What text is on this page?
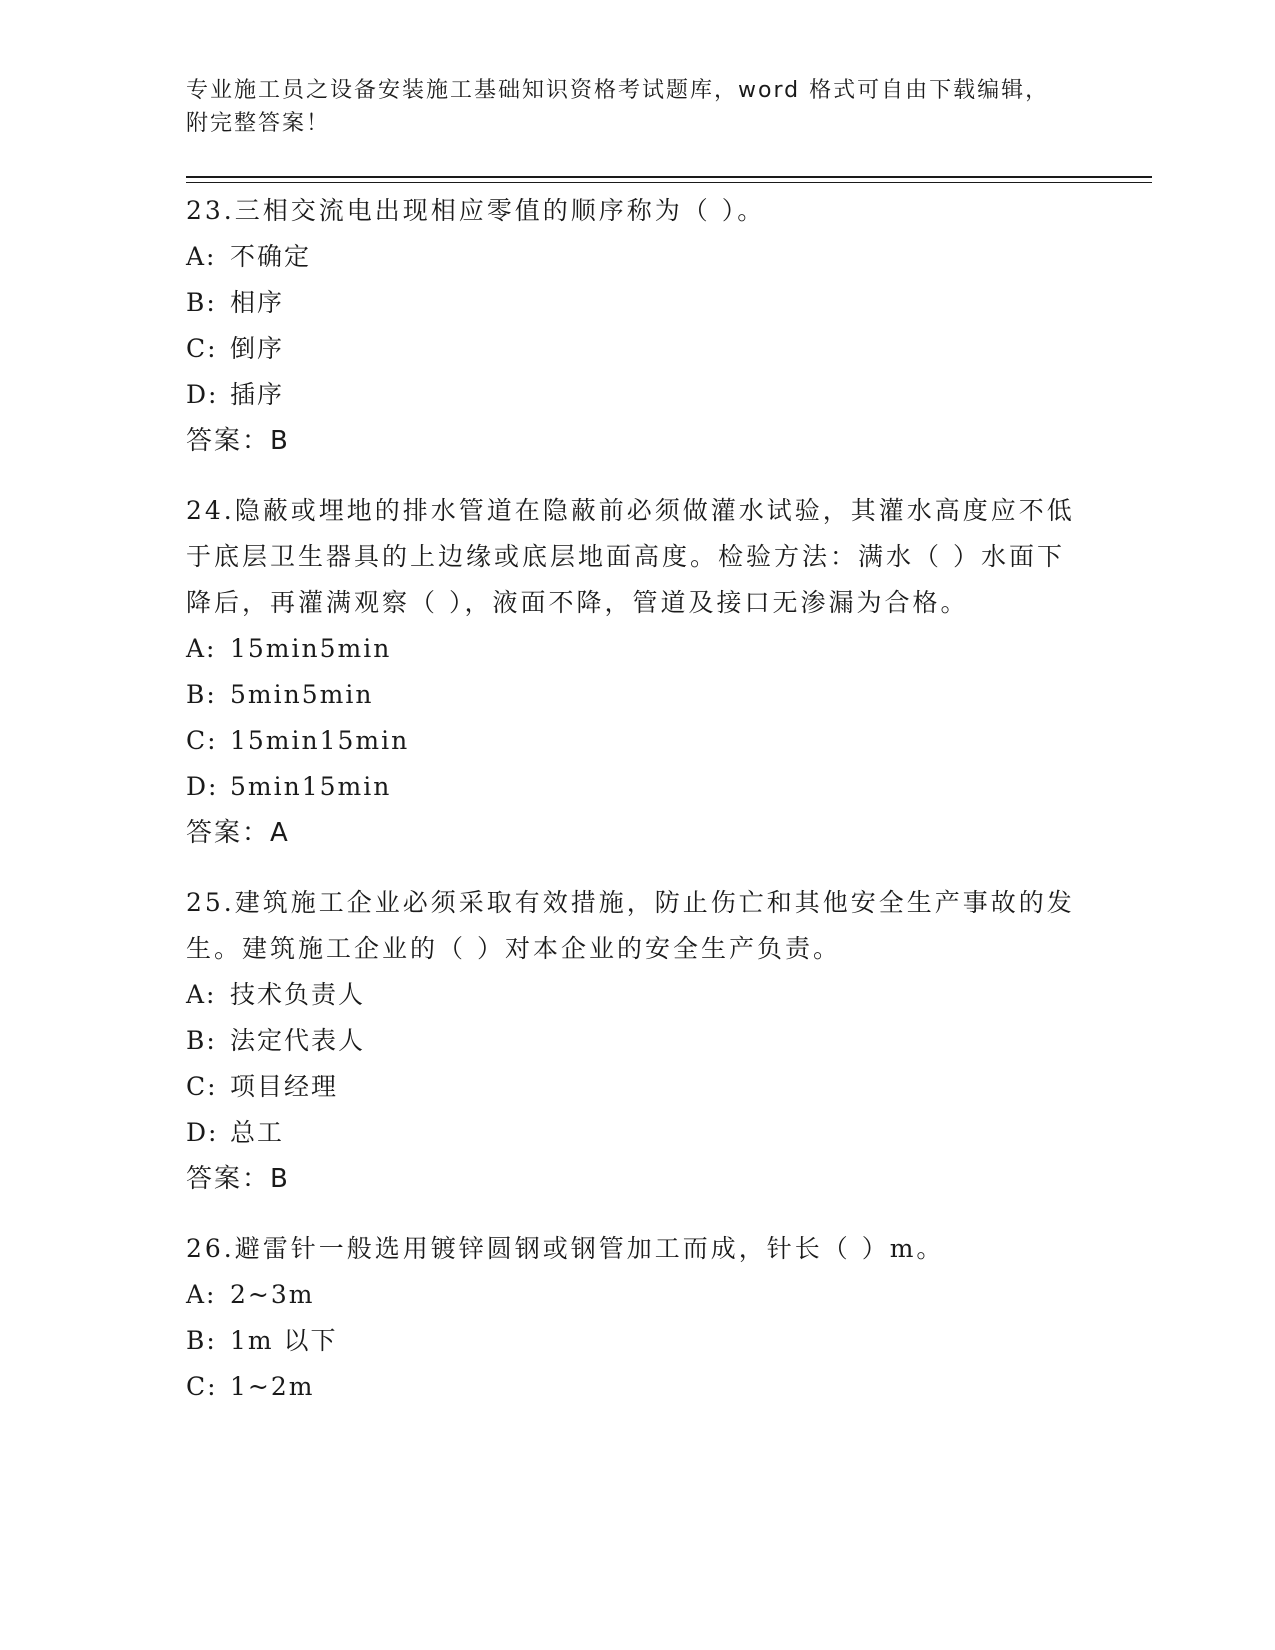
专业施工员之设备安装施工基础知识资格考试题库，word 格式可自由下载编辑，
附完整答案！

23.三相交流电出现相应零值的顺序称为（ ）。

A: 不确定

B: 相序

C: 倒序

D: 插序

答案：B

24.隐蔽或埋地的排水管道在隐蔽前必须做灌水试验，其灌水高度应不低于底层卫生器具的上边缘或底层地面高度。检验方法：满水（ ）水面下降后，再灌满观察（ ），液面不降，管道及接口无渗漏为合格。

A: 15min5min

B: 5min5min

C: 15min15min

D: 5min15min

答案：A

25.建筑施工企业必须采取有效措施，防止伤亡和其他安全生产事故的发生。建筑施工企业的（ ）对本企业的安全生产负责。

A: 技术负责人

B: 法定代表人

C: 项目经理

D: 总工

答案：B

26.避雷针一般选用镀锌圆钢或钢管加工而成，针长（ ）m。

A: 2~3m

B: 1m 以下

C: 1~2m
